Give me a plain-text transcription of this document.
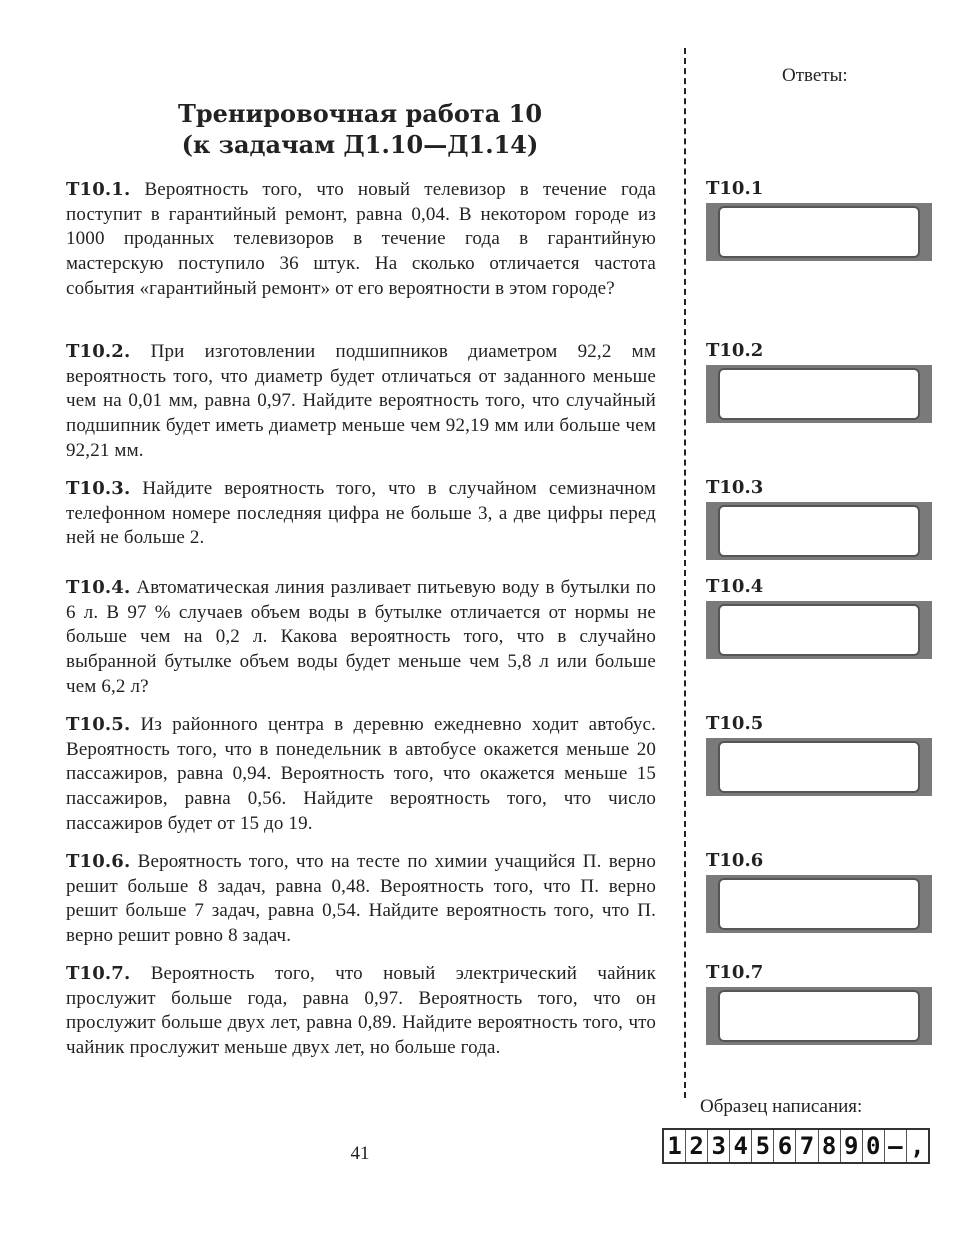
Тренировочная работа 10
(к задачам Д1.10—Д1.14)
Т10.1. Вероятность того, что новый телевизор в течение года поступит в гарантийный ремонт, равна 0,04. В некотором городе из 1000 проданных телевизоров в течение года в гарантийную мастерскую поступило 36 штук. На сколько отличается частота события «гарантийный ремонт» от его вероятности в этом городе?
Т10.2. При изготовлении подшипников диаметром 92,2 мм вероятность того, что диаметр будет отличаться от заданного меньше чем на 0,01 мм, равна 0,97. Найдите вероятность того, что случайный подшипник будет иметь диаметр меньше чем 92,19 мм или больше чем 92,21 мм.
Т10.3. Найдите вероятность того, что в случайном семизначном телефонном номере последняя цифра не больше 3, а две цифры перед ней не больше 2.
Т10.4. Автоматическая линия разливает питьевую воду в бутылки по 6 л. В 97 % случаев объем воды в бутылке отличается от нормы не больше чем на 0,2 л. Какова вероятность того, что в случайно выбранной бутылке объем воды будет меньше чем 5,8 л или больше чем 6,2 л?
Т10.5. Из районного центра в деревню ежедневно ходит автобус. Вероятность того, что в понедельник в автобусе окажется меньше 20 пассажиров, равна 0,94. Вероятность того, что окажется меньше 15 пассажиров, равна 0,56. Найдите вероятность того, что число пассажиров будет от 15 до 19.
Т10.6. Вероятность того, что на тесте по химии учащийся П. верно решит больше 8 задач, равна 0,48. Вероятность того, что П. верно решит больше 7 задач, равна 0,54. Найдите вероятность того, что П. верно решит ровно 8 задач.
Т10.7. Вероятность того, что новый электрический чайник прослужит больше года, равна 0,97. Вероятность того, что он прослужит больше двух лет, равна 0,89. Найдите вероятность того, что чайник прослужит меньше двух лет, но больше года.
Ответы:
Т10.1
Т10.2
Т10.3
Т10.4
Т10.5
Т10.6
Т10.7
Образец написания:
1 2 3 4 5 6 7 8 9 0 – ,
41
